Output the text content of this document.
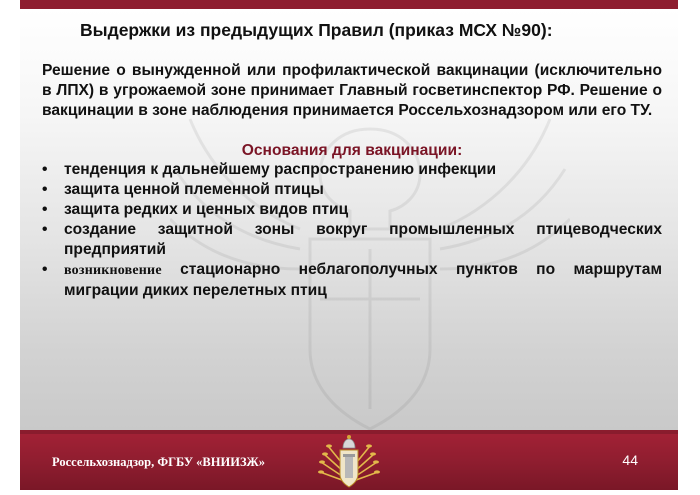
Выдержки из предыдущих Правил (приказ МСХ №90):

Решение о вынужденной или профилактической вакцинации (исключительно в ЛПХ) в угрожаемой зоне принимает Главный госветинспектор РФ. Решение о вакцинации в зоне наблюдения принимается Россельхознадзором или его ТУ.

Основания для вакцинации:
•	тенденция к дальнейшему распространению инфекции
•	защита ценной племенной птицы
•	защита редких и ценных видов птиц
•	создание защитной зоны вокруг промышленных птицеводческих предприятий
•	возникновение стационарно неблагополучных пунктов по маршрутам миграции диких перелетных птиц
Россельхознадзор, ФГБУ «ВНИИЗЖ»	44
